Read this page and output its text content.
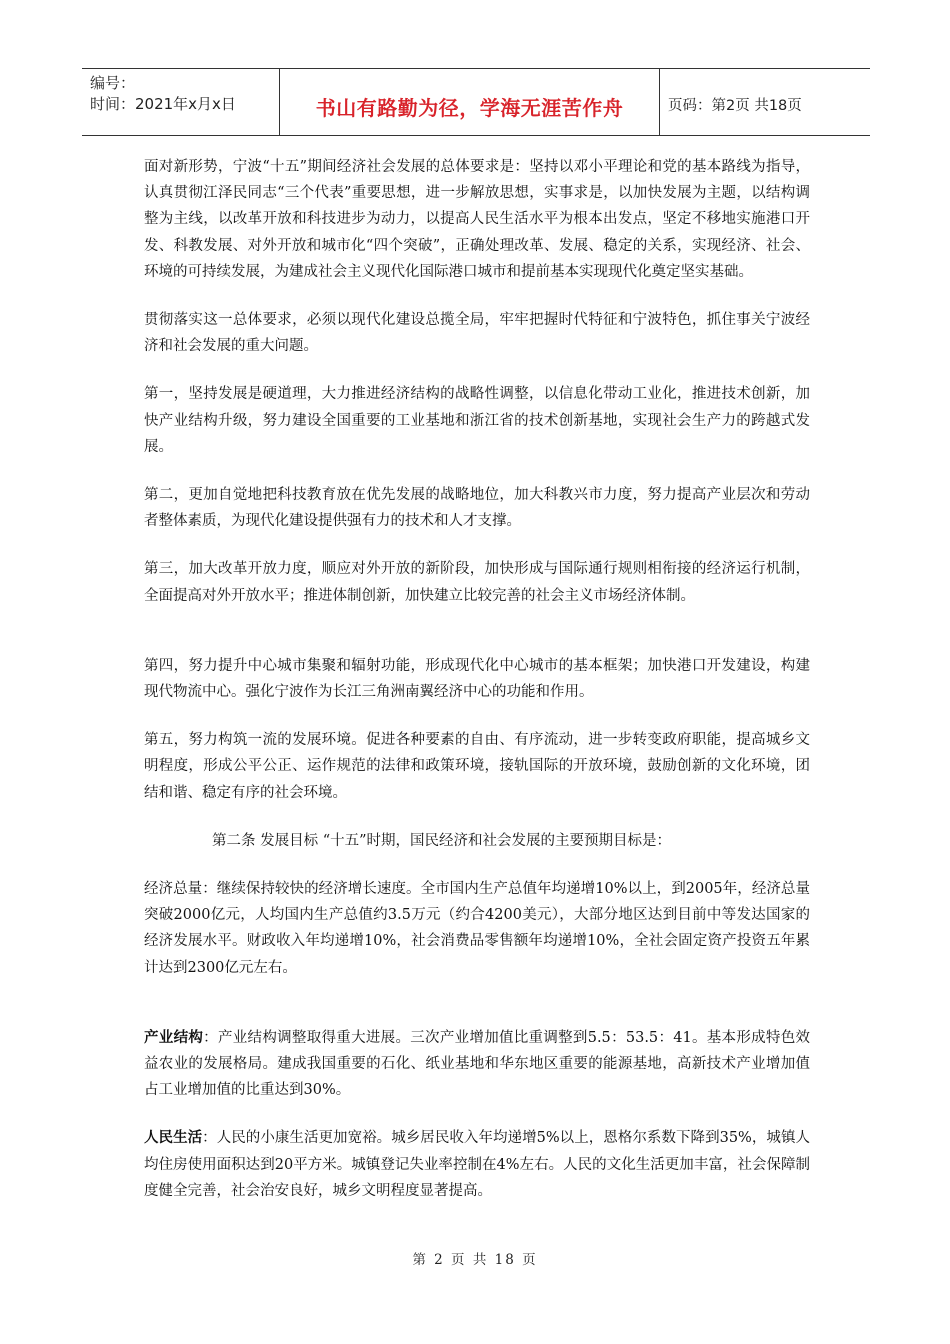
编号：
时间：2021年x月x日	书山有路勤为径，学海无涯苦作舟	页码：第2页 共18页

面对新形势，宁波“十五”期间经济社会发展的总体要求是：坚持以邓小平理论和党的基本路线为指导，认真贯彻江泽民同志“三个代表”重要思想，进一步解放思想，实事求是，以加快发展为主题，以结构调整为主线，以改革开放和科技进步为动力，以提高人民生活水平为根本出发点，坚定不移地实施港口开发、科教发展、对外开放和城市化“四个突破”，正确处理改革、发展、稳定的关系，实现经济、社会、环境的可持续发展，为建成社会主义现代化国际港口城市和提前基本实现现代化奠定坚实基础。

贯彻落实这一总体要求，必须以现代化建设总揽全局，牢牢把握时代特征和宁波特色，抓住事关宁波经济和社会发展的重大问题。

第一，坚持发展是硬道理，大力推进经济结构的战略性调整，以信息化带动工业化，推进技术创新，加快产业结构升级，努力建设全国重要的工业基地和浙江省的技术创新基地，实现社会生产力的跨越式发展。

第二，更加自觉地把科技教育放在优先发展的战略地位，加大科教兴市力度，努力提高产业层次和劳动者整体素质，为现代化建设提供强有力的技术和人才支撑。

第三，加大改革开放力度，顺应对外开放的新阶段，加快形成与国际通行规则相衔接的经济运行机制，全面提高对外开放水平；推进体制创新，加快建立比较完善的社会主义市场经济体制。

第四，努力提升中心城市集聚和辐射功能，形成现代化中心城市的基本框架；加快港口开发建设，构建现代物流中心。强化宁波作为长江三角洲南翼经济中心的功能和作用。

第五，努力构筑一流的发展环境。促进各种要素的自由、有序流动，进一步转变政府职能，提高城乡文明程度，形成公平公正、运作规范的法律和政策环境，接轨国际的开放环境，鼓励创新的文化环境，团结和谐、稳定有序的社会环境。

第二条 发展目标 “十五”时期，国民经济和社会发展的主要预期目标是：

经济总量：继续保持较快的经济增长速度。全市国内生产总值年均递增10%以上，到2005年，经济总量突破2000亿元，人均国内生产总值约3.5万元（约合4200美元），大部分地区达到目前中等发达国家的经济发展水平。财政收入年均递增10%，社会消费品零售额年均递增10%，全社会固定资产投资五年累计达到2300亿元左右。

产业结构：产业结构调整取得重大进展。三次产业增加值比重调整到5.5：53.5：41。基本形成特色效益农业的发展格局。建成我国重要的石化、纸业基地和华东地区重要的能源基地，高新技术产业增加值占工业增加值的比重达到30%。

人民生活：人民的小康生活更加宽裕。城乡居民收入年均递增5%以上，恩格尔系数下降到35%，城镇人均住房使用面积达到20平方米。城镇登记失业率控制在4%左右。人民的文化生活更加丰富，社会保障制度健全完善，社会治安良好，城乡文明程度显著提高。

第 2 页 共 18 页
